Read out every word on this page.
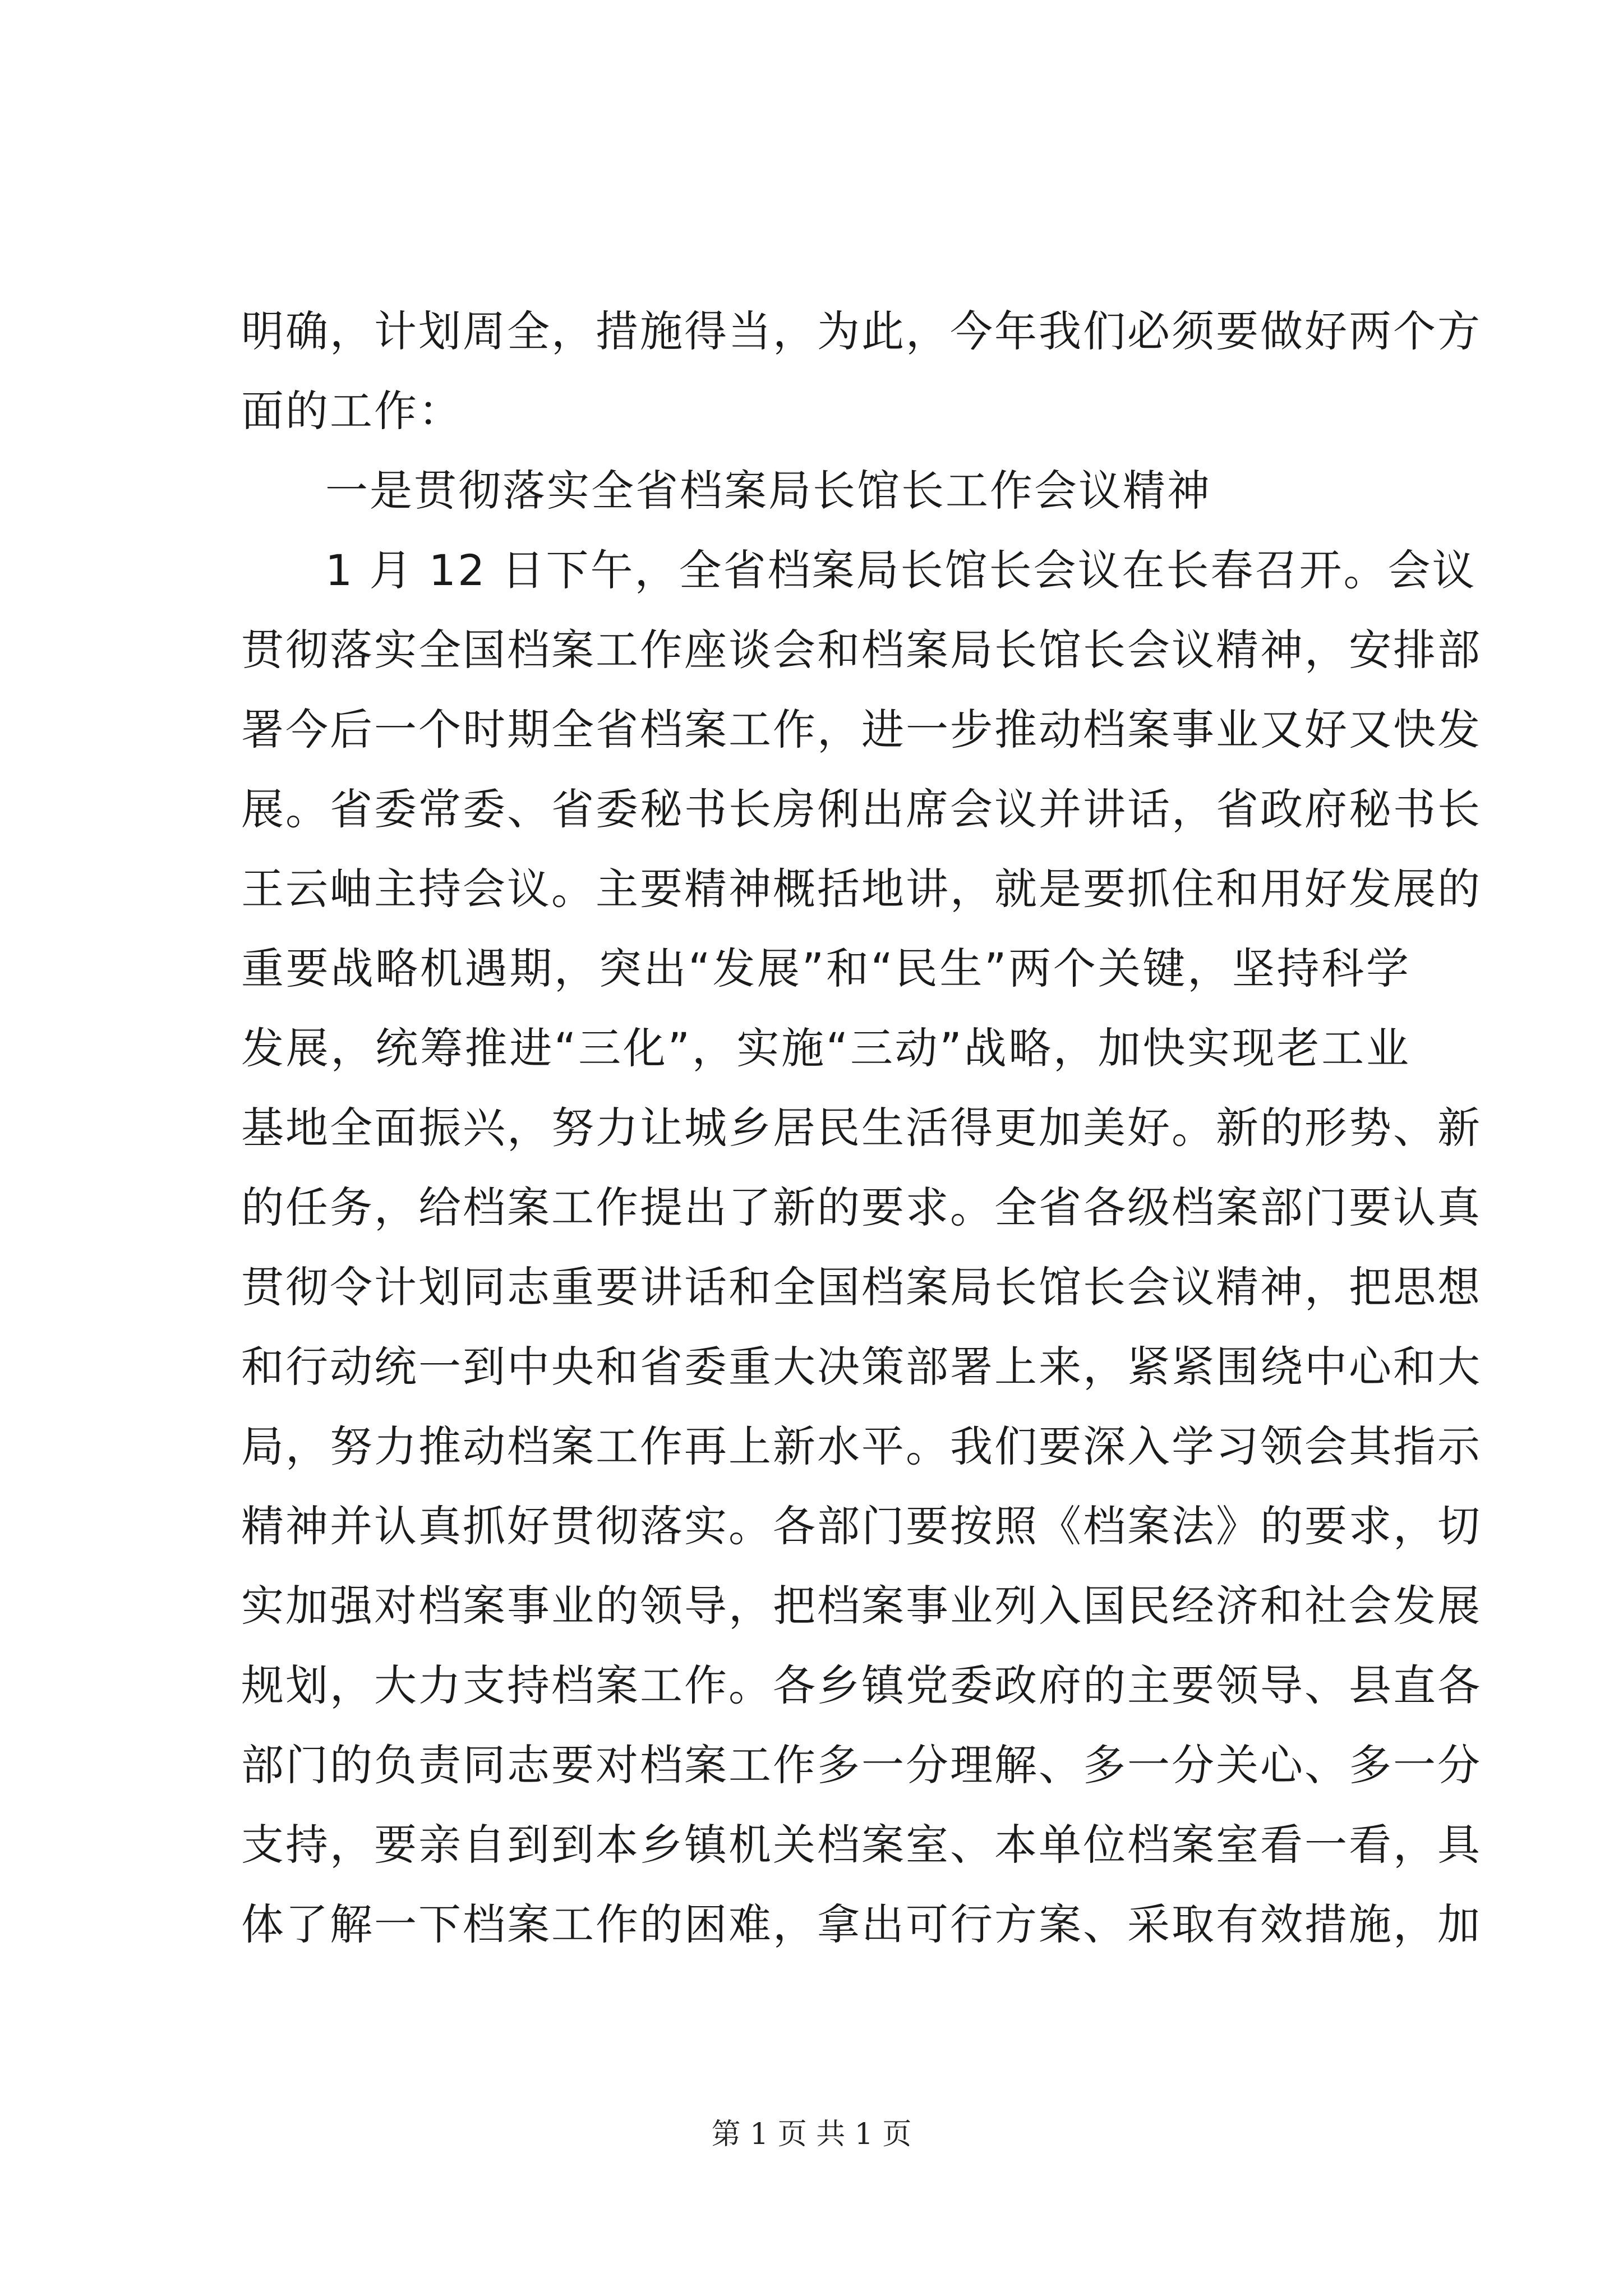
明确，计划周全，措施得当，为此，今年我们必须要做好两个方
面的工作：
一是贯彻落实全省档案局长馆长工作会议精神
1 月 12 日下午，全省档案局长馆长会议在长春召开。会议
贯彻落实全国档案工作座谈会和档案局长馆长会议精神，安排部
署今后一个时期全省档案工作，进一步推动档案事业又好又快发
展。省委常委、省委秘书长房俐出席会议并讲话，省政府秘书长
王云岫主持会议。主要精神概括地讲，就是要抓住和用好发展的
重要战略机遇期，突出“发展”和“民生”两个关键，坚持科学
发展，统筹推进“三化”，实施“三动”战略，加快实现老工业
基地全面振兴，努力让城乡居民生活得更加美好。新的形势、新
的任务，给档案工作提出了新的要求。全省各级档案部门要认真
贯彻令计划同志重要讲话和全国档案局长馆长会议精神，把思想
和行动统一到中央和省委重大决策部署上来，紧紧围绕中心和大
局，努力推动档案工作再上新水平。我们要深入学习领会其指示
精神并认真抓好贯彻落实。各部门要按照《档案法》的要求，切
实加强对档案事业的领导，把档案事业列入国民经济和社会发展
规划，大力支持档案工作。各乡镇党委政府的主要领导、县直各
部门的负责同志要对档案工作多一分理解、多一分关心、多一分
支持，要亲自到到本乡镇机关档案室、本单位档案室看一看，具
体了解一下档案工作的困难，拿出可行方案、采取有效措施，加
第 1 页 共 1 页
